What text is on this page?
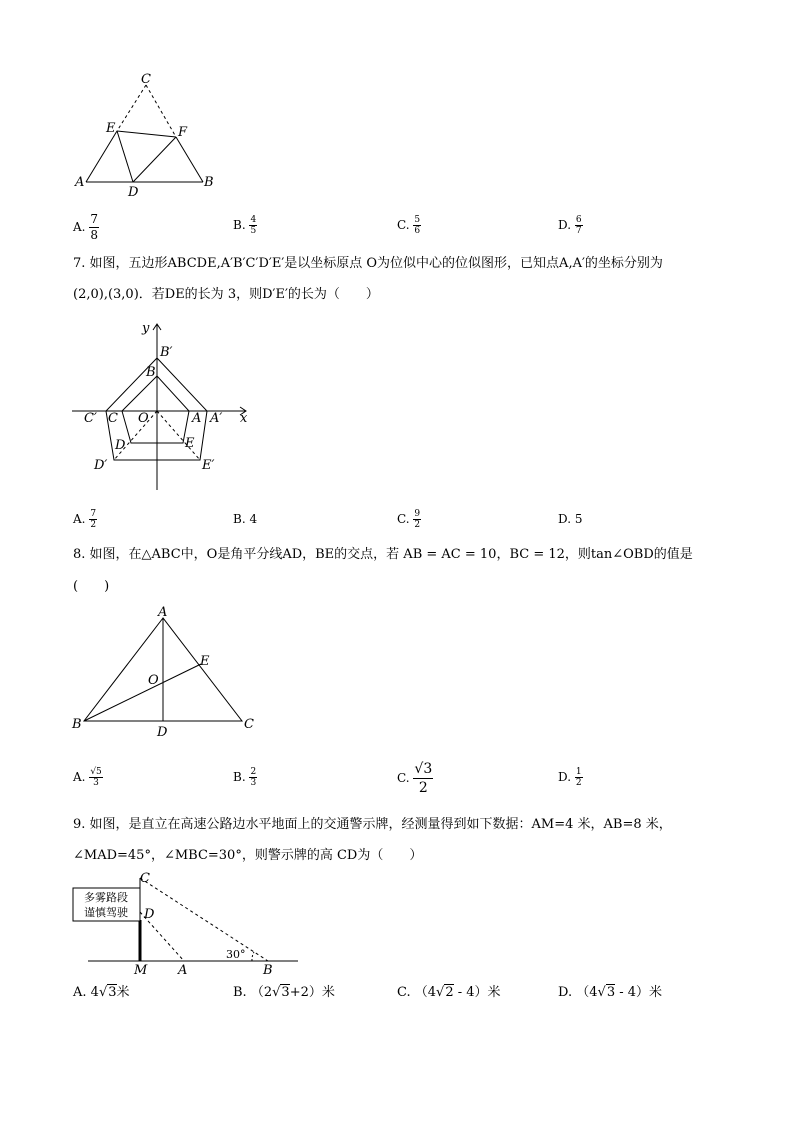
C
E	F
A
D
B
A. $\frac{7}{8}$	B. $\frac{4}{5}$	C. $\frac{5}{6}$	D. $\frac{6}{7}$
7. 如图，五边形ABCDE,A′B′C′D′E′是以坐标原点 O为位似中心的位似图形，已知点A,A′的坐标分别为
(2,0),(3,0)．若DE的长为 3，则D′E′的长为（　　）
y
x
B′
B
C′ C O	A A′
D	E
D′	E′
A. $\frac{7}{2}$	B. 4	C. $\frac{9}{2}$	D. 5
8. 如图，在△ABC中，O是角平分线AD，BE的交点，若 AB = AC = 10，BC = 12，则tan∠OBD的值是
(　　)
A
E
O
B
D
C
A. $\frac{√5}{3}$	B. $\frac{2}{3}$	C. $\frac{√3}{2}$	D. $\frac{1}{2}$
9. 如图，是直立在高速公路边水平地面上的交通警示牌，经测量得到如下数据：AM=4 米，AB=8 米，
∠MAD=45°，∠MBC=30°，则警示牌的高 CD为（　　）
多雾路段
谨慎驾驶
30°
C
D
M A	B
A. 4√3米	B. （2√3+2）米	C. （4√2 - 4）米	D. （4√3 - 4）米
